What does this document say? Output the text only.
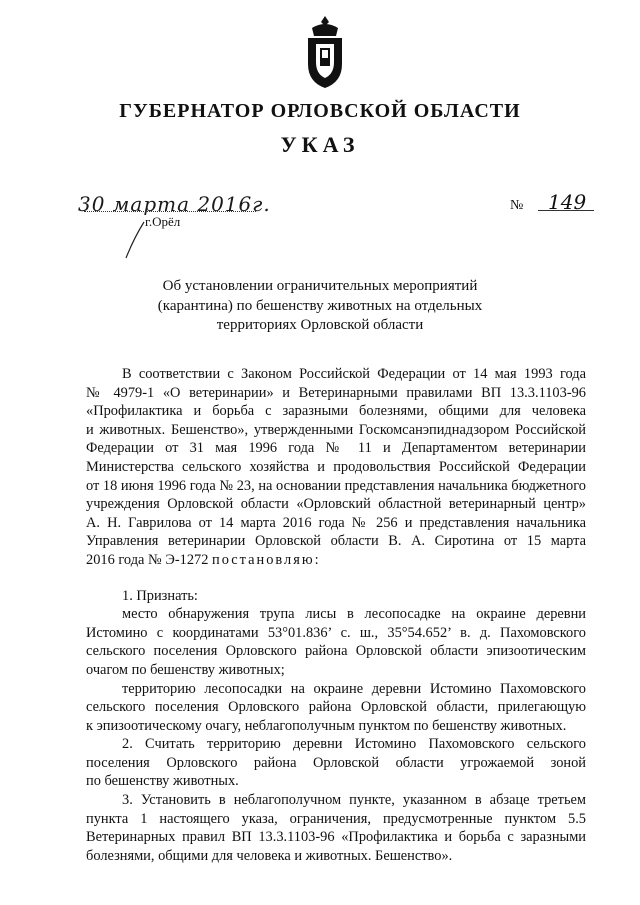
ГУБЕРНАТОР ОРЛОВСКОЙ ОБЛАСТИ
УКАЗ
30 марта 2016г.
г.Орёл
№ 149
Об установлении ограничительных мероприятий
(карантина) по бешенству животных на отдельных
территориях Орловской области
В соответствии с Законом Российской Федерации от 14 мая 1993 года
№ 4979-1 «О ветеринарии» и Ветеринарными правилами ВП 13.3.1103-96
«Профилактика и борьба с заразными болезнями, общими для человека
и животных. Бешенство», утвержденными Госкомсанэпиднадзором Российской
Федерации от 31 мая 1996 года № 11 и Департаментом ветеринарии
Министерства сельского хозяйства и продовольствия Российской Федерации
от 18 июня 1996 года № 23, на основании представления начальника бюджетного
учреждения Орловской области «Орловский областной ветеринарный центр»
А. Н. Гаврилова от 14 марта 2016 года № 256 и представления начальника
Управления ветеринарии Орловской области В. А. Сиротина от 15 марта
2016 года № Э-1272 постановляю:
1. Признать:
место обнаружения трупа лисы в лесопосадке на окраине деревни
Истомино с координатами 53°01.836’ с. ш., 35°54.652’ в. д. Пахомовского
сельского поселения Орловского района Орловской области эпизоотическим
очагом по бешенству животных;
территорию лесопосадки на окраине деревни Истомино Пахомовского
сельского поселения Орловского района Орловской области, прилегающую
к эпизоотическому очагу, неблагополучным пунктом по бешенству животных.
2. Считать территорию деревни Истомино Пахомовского сельского
поселения Орловского района Орловской области угрожаемой зоной
по бешенству животных.
3. Установить в неблагополучном пункте, указанном в абзаце третьем
пункта 1 настоящего указа, ограничения, предусмотренные пунктом 5.5
Ветеринарных правил ВП 13.3.1103-96 «Профилактика и борьба с заразными
болезнями, общими для человека и животных. Бешенство».
